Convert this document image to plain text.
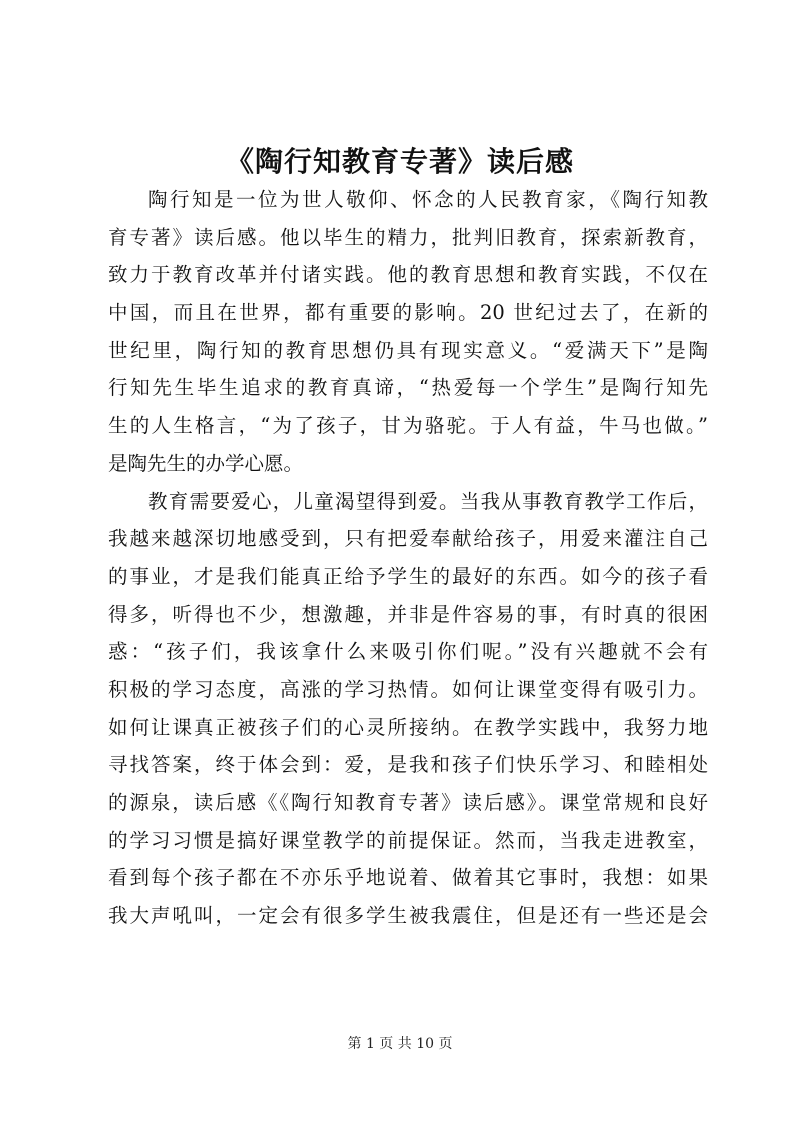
《陶行知教育专著》读后感
陶行知是一位为世人敬仰、怀念的人民教育家，《陶行知教
育专著》读后感。他以毕生的精力，批判旧教育，探索新教育，
致力于教育改革并付诸实践。他的教育思想和教育实践，不仅在
中国，而且在世界，都有重要的影响。20 世纪过去了，在新的
世纪里，陶行知的教育思想仍具有现实意义。“爱满天下”是陶
行知先生毕生追求的教育真谛，“热爱每一个学生”是陶行知先
生的人生格言，“为了孩子，甘为骆驼。于人有益，牛马也做。”
是陶先生的办学心愿。
教育需要爱心，儿童渴望得到爱。当我从事教育教学工作后，
我越来越深切地感受到，只有把爱奉献给孩子，用爱来灌注自己
的事业，才是我们能真正给予学生的最好的东西。如今的孩子看
得多，听得也不少，想激趣，并非是件容易的事，有时真的很困
惑：“孩子们，我该拿什么来吸引你们呢。”没有兴趣就不会有
积极的学习态度，高涨的学习热情。如何让课堂变得有吸引力。
如何让课真正被孩子们的心灵所接纳。在教学实践中，我努力地
寻找答案，终于体会到：爱，是我和孩子们快乐学习、和睦相处
的源泉，读后感《《陶行知教育专著》读后感》。课堂常规和良好
的学习习惯是搞好课堂教学的前提保证。然而，当我走进教室，
看到每个孩子都在不亦乐乎地说着、做着其它事时，我想：如果
我大声吼叫，一定会有很多学生被我震住，但是还有一些还是会
第 1 页 共 10 页
